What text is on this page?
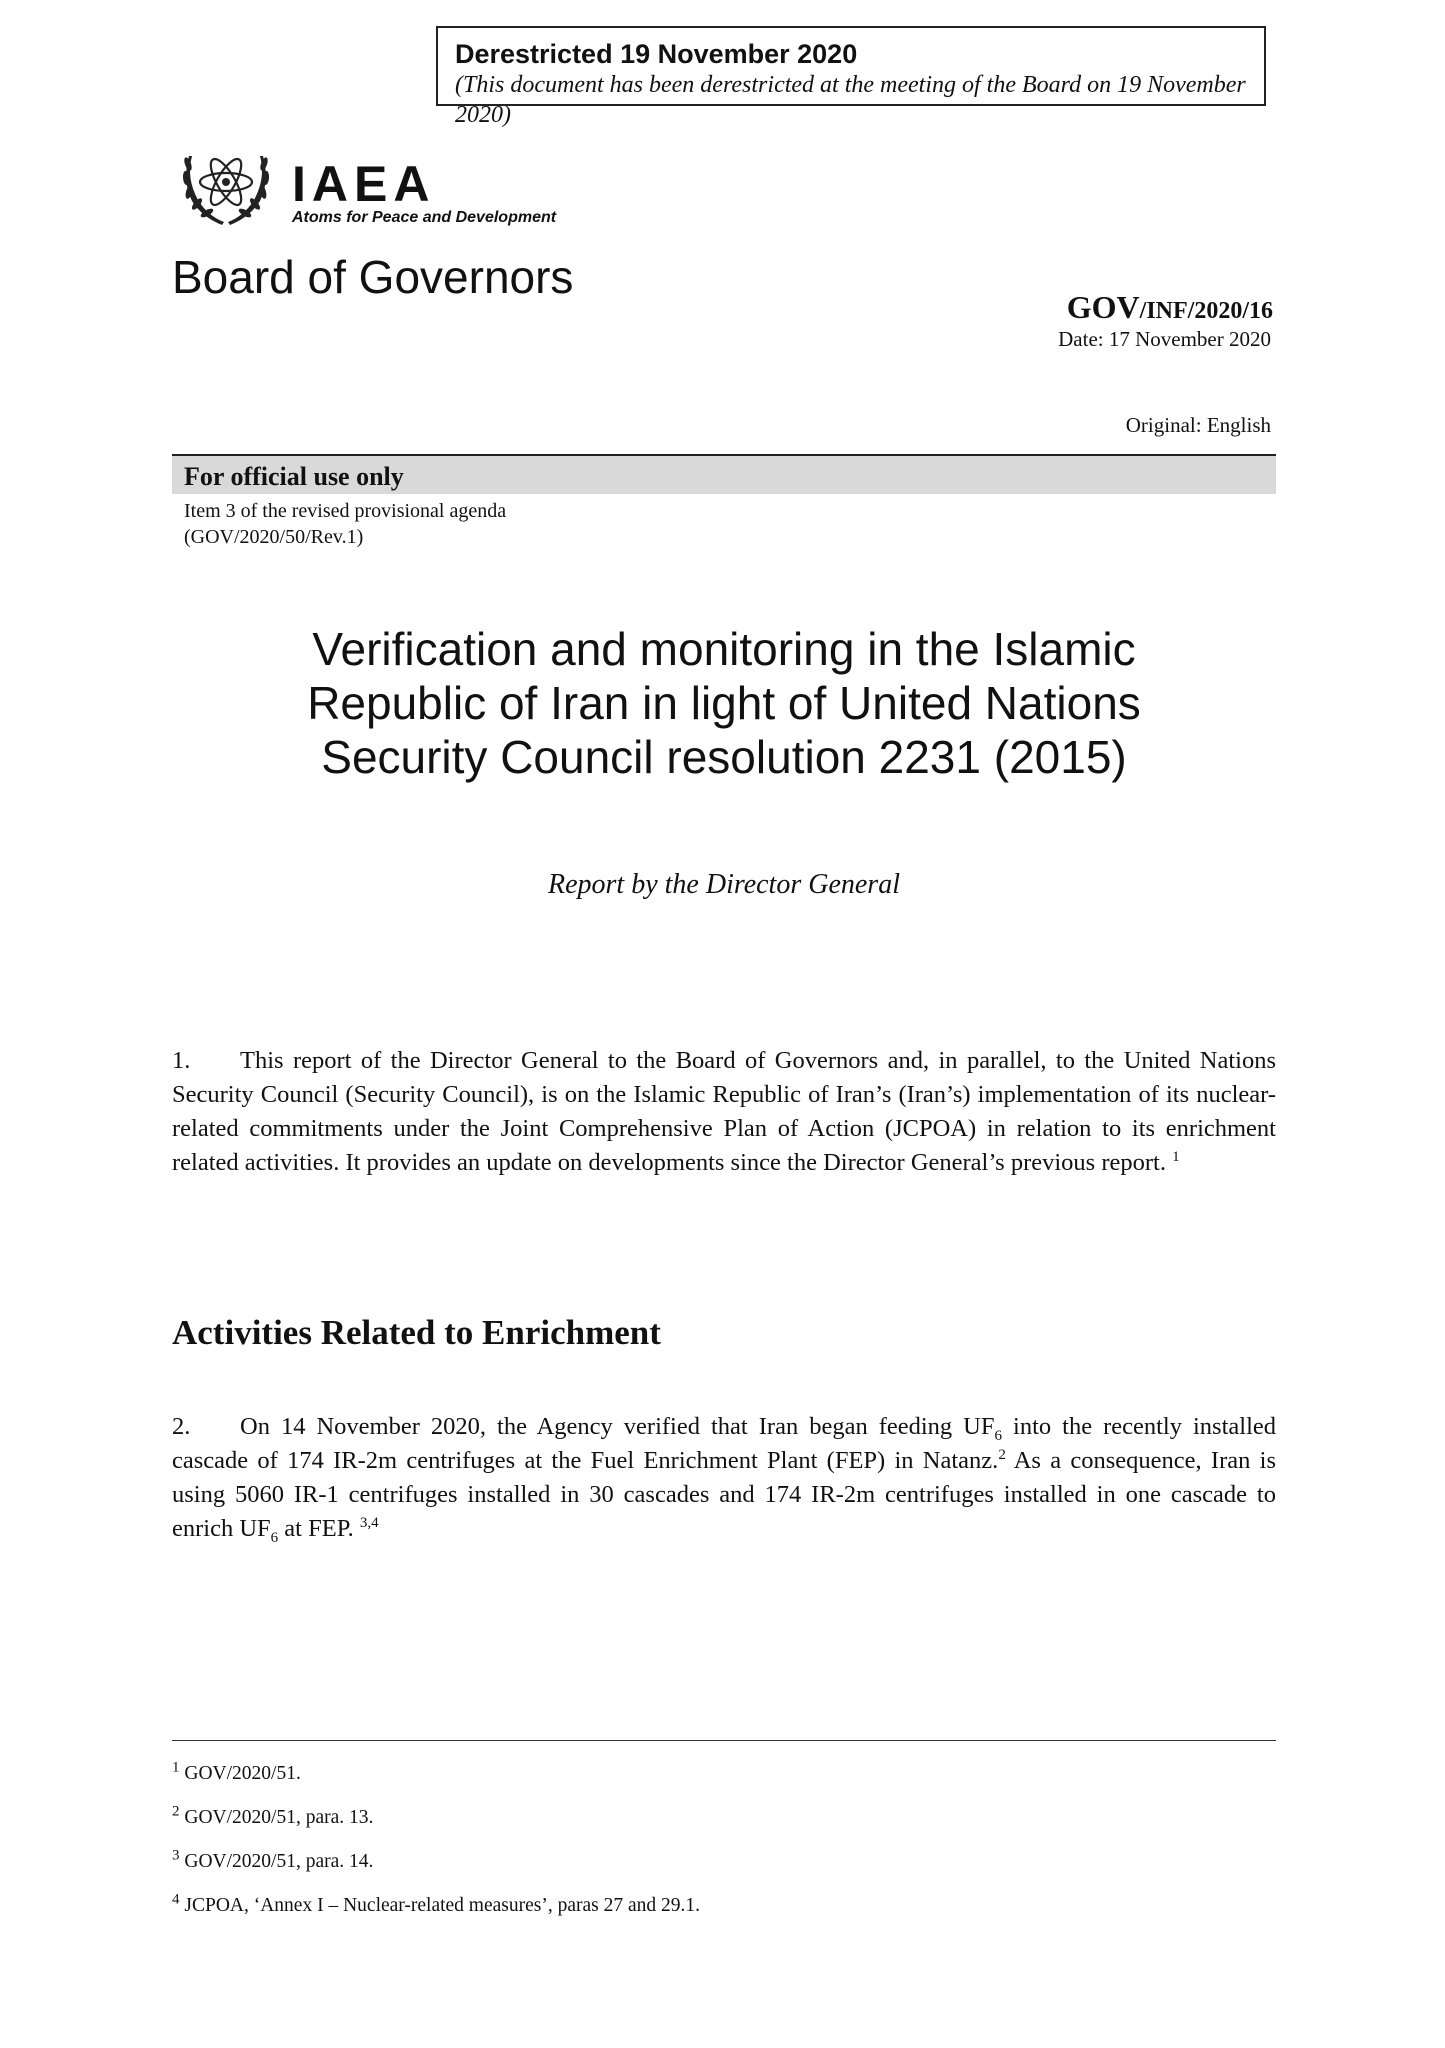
Derestricted 19 November 2020
(This document has been derestricted at the meeting of the Board on 19 November 2020)
IAEA
Atoms for Peace and Development
Board of Governors
GOV/INF/2020/16
Date: 17 November 2020
Original: English
For official use only
Item 3 of the revised provisional agenda
(GOV/2020/50/Rev.1)
Verification and monitoring in the Islamic
Republic of Iran in light of United Nations
Security Council resolution 2231 (2015)
Report by the Director General

1. This report of the Director General to the Board of Governors and, in parallel, to the United Nations Security Council (Security Council), is on the Islamic Republic of Iran’s (Iran’s) implementation of its nuclear-related commitments under the Joint Comprehensive Plan of Action (JCPOA) in relation to its enrichment related activities. It provides an update on developments since the Director General’s previous report. $^1$

Activities Related to Enrichment

2. On 14 November 2020, the Agency verified that Iran began feeding $UF_6$ into the recently installed cascade of 174 IR-2m centrifuges at the Fuel Enrichment Plant (FEP) in Natanz.$^2$ As a consequence, Iran is using 5060 IR-1 centrifuges installed in 30 cascades and 174 IR-2m centrifuges installed in one cascade to enrich $UF_6$ at FEP. $^{3,4}$

$^1$ GOV/2020/51.
$^2$ GOV/2020/51, para. 13.
$^3$ GOV/2020/51, para. 14.
$^4$ JCPOA, ‘Annex I – Nuclear-related measures’, paras 27 and 29.1.
